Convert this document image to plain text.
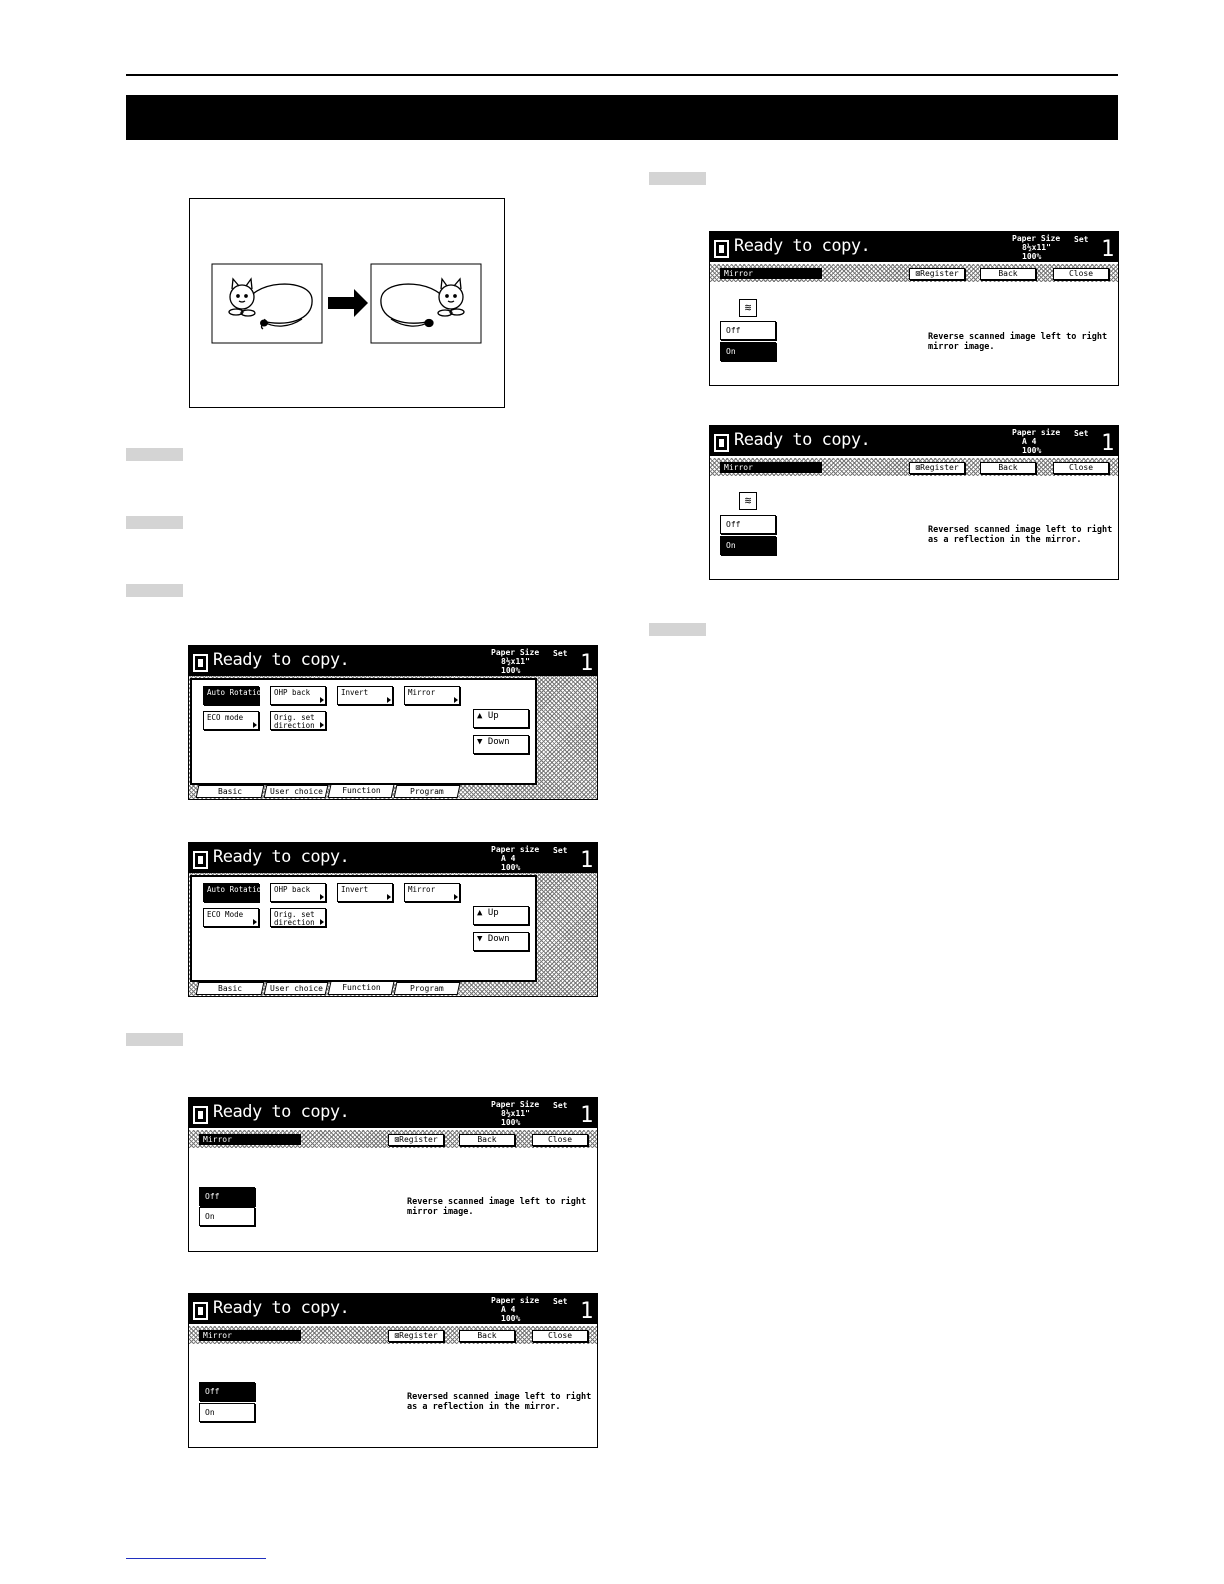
Ready to copy.	Paper Size
8½x11"
100%
Set 1
Auto Rotation	OHP back	Invert	Mirror
ECO mode	Orig. set direction
▲ Up
▼ Down
Basic	User choice	Function	Program
Ready to copy.	Paper size
A 4
100%
Set 1
Auto Rotation	OHP back	Invert	Mirror
ECO Mode	Orig. set direction
▲ Up
▼ Down
Basic	User choice	Function	Program
Ready to copy.	Paper Size
8½x11"
100%
Set 1
Mirror	⊠Register	Back	Close
Off
On
Reverse scanned image left to right
mirror image.
Ready to copy.	Paper size
A 4
100%
Set 1
Mirror	⊠Register	Back	Close
Off
On
Reversed scanned image left to right
as a reflection in the mirror.
Ready to copy.	Paper Size
8½x11"
100%
Set 1
Mirror	⊠Register	Back	Close
≋
Off
On
Reverse scanned image left to right
mirror image.
Ready to copy.	Paper size
A 4
100%
Set 1
Mirror	⊠Register	Back	Close
≋
Off
On
Reversed scanned image left to right
as a reflection in the mirror.
